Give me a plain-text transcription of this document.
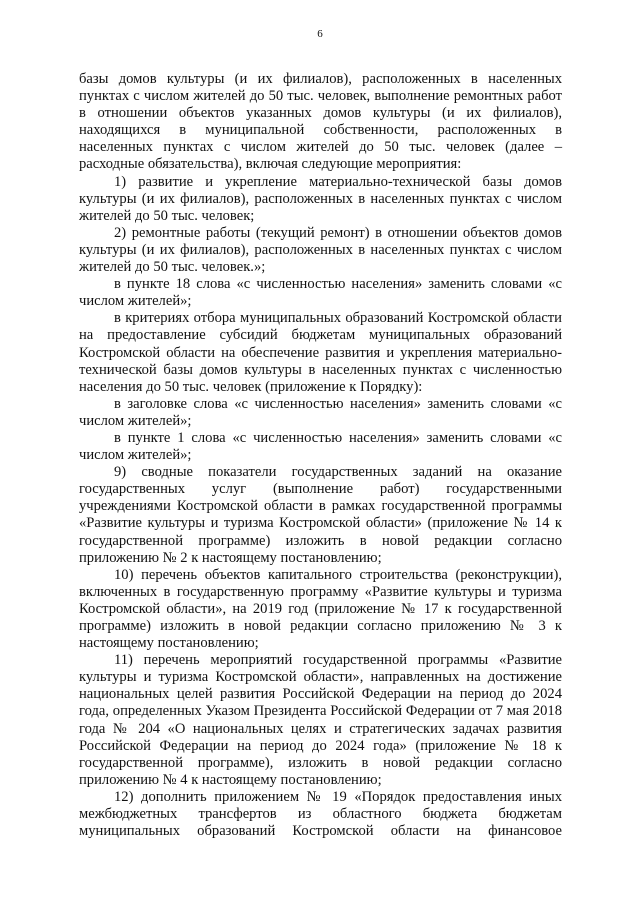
6

базы домов культуры (и их филиалов), расположенных в населенных пунктах с числом жителей до 50 тыс. человек, выполнение ремонтных работ в отношении объектов указанных домов культуры (и их филиалов), находящихся в муниципальной собственности, расположенных в населенных пунктах с числом жителей до 50 тыс. человек (далее – расходные обязательства), включая следующие мероприятия:

1) развитие и укрепление материально-технической базы домов культуры (и их филиалов), расположенных в населенных пунктах с числом жителей до 50 тыс. человек;

2) ремонтные работы (текущий ремонт) в отношении объектов домов культуры (и их филиалов), расположенных в населенных пунктах с числом жителей до 50 тыс. человек.»;

в пункте 18 слова «с численностью населения» заменить словами «с числом жителей»;

в критериях отбора муниципальных образований Костромской области на предоставление субсидий бюджетам муниципальных образований Костромской области на обеспечение развития и укрепления материально-технической базы домов культуры в населенных пунктах с численностью населения до 50 тыс. человек (приложение к Порядку):

в заголовке слова «с численностью населения» заменить словами «с числом жителей»;

в пункте 1 слова «с численностью населения» заменить словами «с числом жителей»;

9) сводные показатели государственных заданий на оказание государственных услуг (выполнение работ) государственными учреждениями Костромской области в рамках государственной программы «Развитие культуры и туризма Костромской области» (приложение № 14 к государственной программе) изложить в новой редакции согласно приложению № 2 к настоящему постановлению;

10) перечень объектов капитального строительства (реконструкции), включенных в государственную программу «Развитие культуры и туризма Костромской области», на 2019 год (приложение № 17 к государственной программе) изложить в новой редакции согласно приложению № 3 к настоящему постановлению;

11) перечень мероприятий государственной программы «Развитие культуры и туризма Костромской области», направленных на достижение национальных целей развития Российской Федерации на период до 2024 года, определенных Указом Президента Российской Федерации от 7 мая 2018 года № 204 «О национальных целях и стратегических задачах развития Российской Федерации на период до 2024 года» (приложение № 18 к государственной программе), изложить в новой редакции согласно приложению № 4 к настоящему постановлению;

12) дополнить приложением № 19 «Порядок предоставления иных межбюджетных трансфертов из областного бюджета бюджетам муниципальных образований Костромской области на финансовое
